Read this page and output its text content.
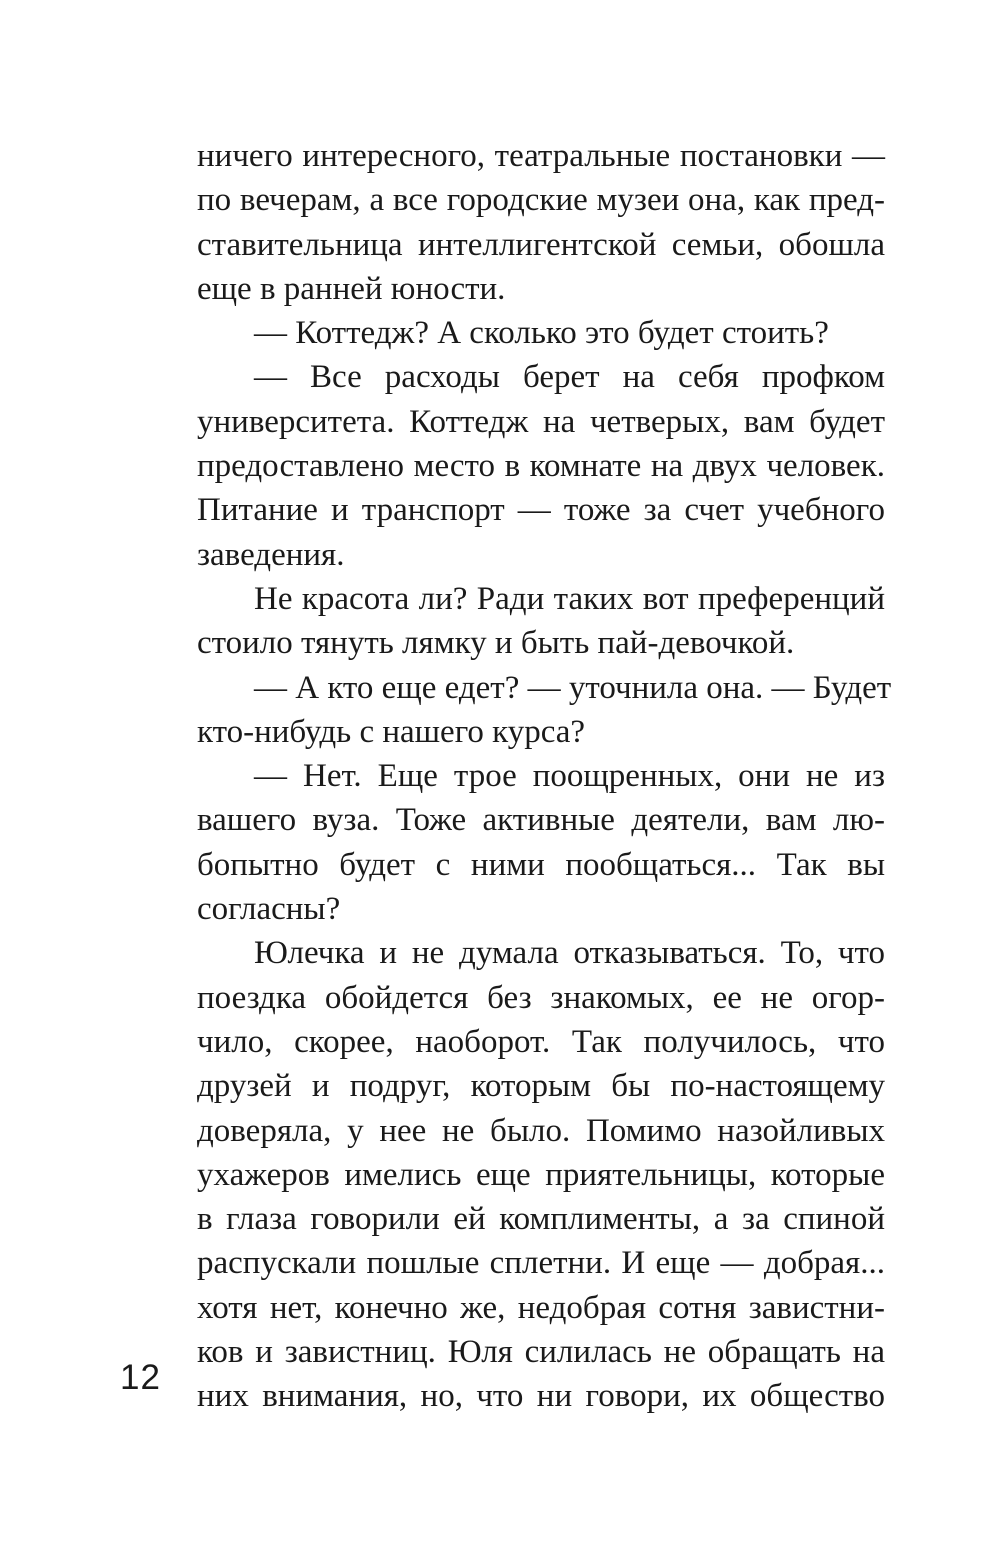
ничего интересного, театральные постановки —
по вечерам, а все городские музеи она, как пред-
ставительница интеллигентской семьи, обошла
еще в ранней юности.
— Коттедж? А сколько это будет стоить?
— Все расходы берет на себя профком
университета. Коттедж на четверых, вам будет
предоставлено место в комнате на двух человек.
Питание и транспорт — тоже за счет учебного
заведения.
Не красота ли? Ради таких вот преференций
стоило тянуть лямку и быть пай-девочкой.
— А кто еще едет? — уточнила она. — Будет
кто-нибудь с нашего курса?
— Нет. Еще трое поощренных, они не из
вашего вуза. Тоже активные деятели, вам лю-
бопытно будет с ними пообщаться... Так вы
согласны?
Юлечка и не думала отказываться. То, что
поездка обойдется без знакомых, ее не огор-
чило, скорее, наоборот. Так получилось, что
друзей и подруг, которым бы по-настоящему
доверяла, у нее не было. Помимо назойливых
ухажеров имелись еще приятельницы, которые
в глаза говорили ей комплименты, а за спиной
распускали пошлые сплетни. И еще — добрая...
хотя нет, конечно же, недобрая сотня завистни-
ков и завистниц. Юля силилась не обращать на
них внимания, но, что ни говори, их общество
12
